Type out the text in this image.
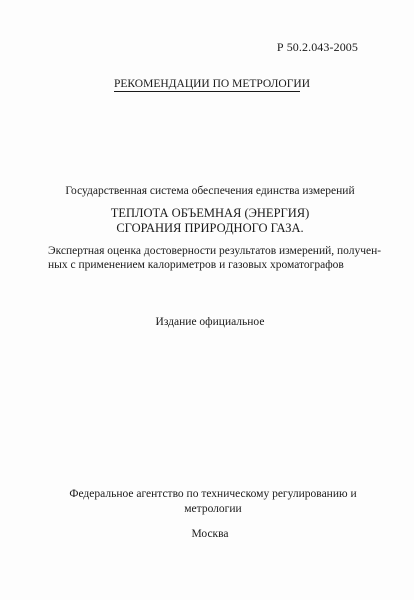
Р 50.2.043-2005
РЕКОМЕНДАЦИИ ПО МЕТРОЛОГИИ
Государственная система обеспечения единства измерений
ТЕПЛОТА ОБЪЕМНАЯ (ЭНЕРГИЯ)
СГОРАНИЯ ПРИРОДНОГО ГАЗА.
Экспертная оценка достоверности результатов измерений, получен-
ных с применением калориметров и газовых хроматографов
Издание официальное
Федеральное агентство по техническому регулированию и
метрологии
Москва
